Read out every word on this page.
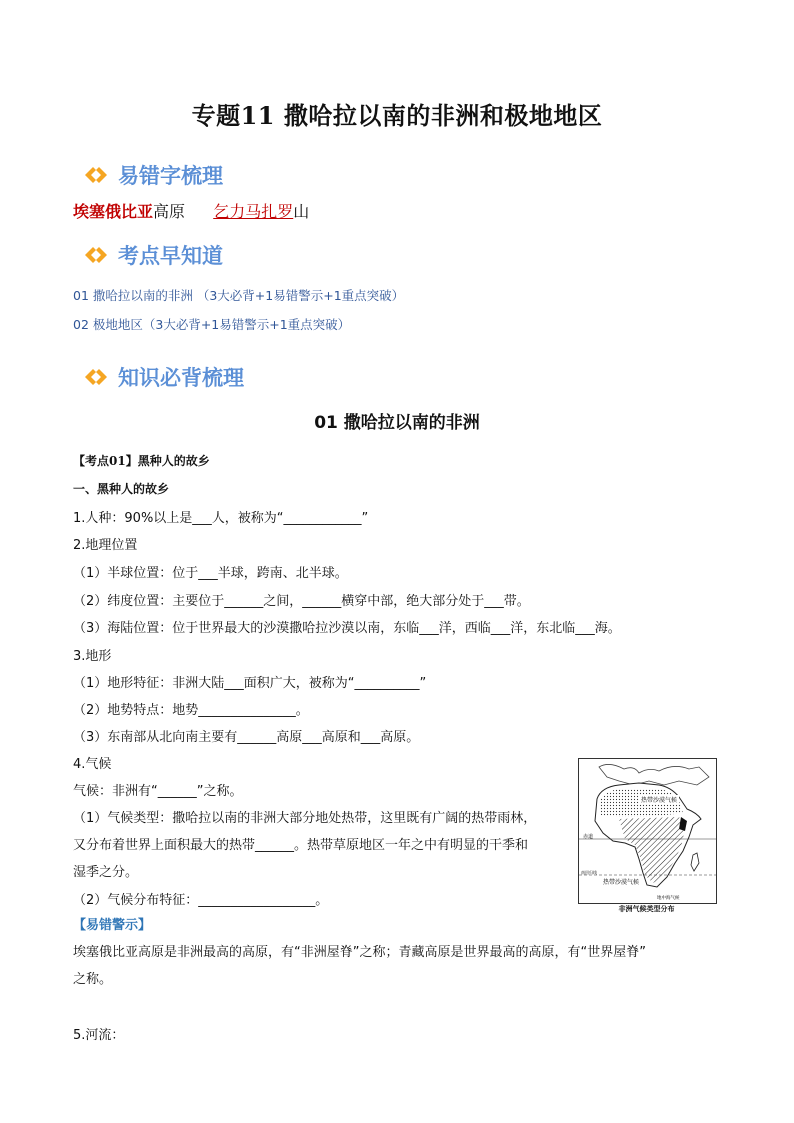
专题11 撒哈拉以南的非洲和极地地区
易错字梳理
埃塞俄比亚高原 乞力马扎罗山
考点早知道
01 撒哈拉以南的非洲 （3大必背+1易错警示+1重点突破）
02 极地地区（3大必背+1易错警示+1重点突破）
知识必背梳理
01 撒哈拉以南的非洲
【考点01】黑种人的故乡
一、黑种人的故乡
1.人种：90%以上是___人，被称为“____________”
2.地理位置
（1）半球位置：位于___半球，跨南、北半球。
（2）纬度位置：主要位于______之间，______横穿中部，绝大部分处于___带。
（3）海陆位置：位于世界最大的沙漠撒哈拉沙漠以南，东临___洋，西临___洋，东北临___海。
3.地形
（1）地形特征：非洲大陆___面积广大，被称为“__________”
（2）地势特点：地势_______________。
（3）东南部从北向南主要有______高原___高原和___高原。
4.气候
气候：非洲有“______”之称。
（1）气候类型：撒哈拉以南的非洲大部分地处热带，这里既有广阔的热带雨林，
又分布着世界上面积最大的热带______。热带草原地区一年之中有明显的干季和
湿季之分。
（2）气候分布特征：__________________。
热带沙漠气候
赤道
南回归线
热带沙漠气候
地中海气候
非洲气候类型分布
【易错警示】
埃塞俄比亚高原是非洲最高的高原，有“非洲屋脊”之称；青藏高原是世界最高的高原，有“世界屋脊”
之称。
5.河流：
